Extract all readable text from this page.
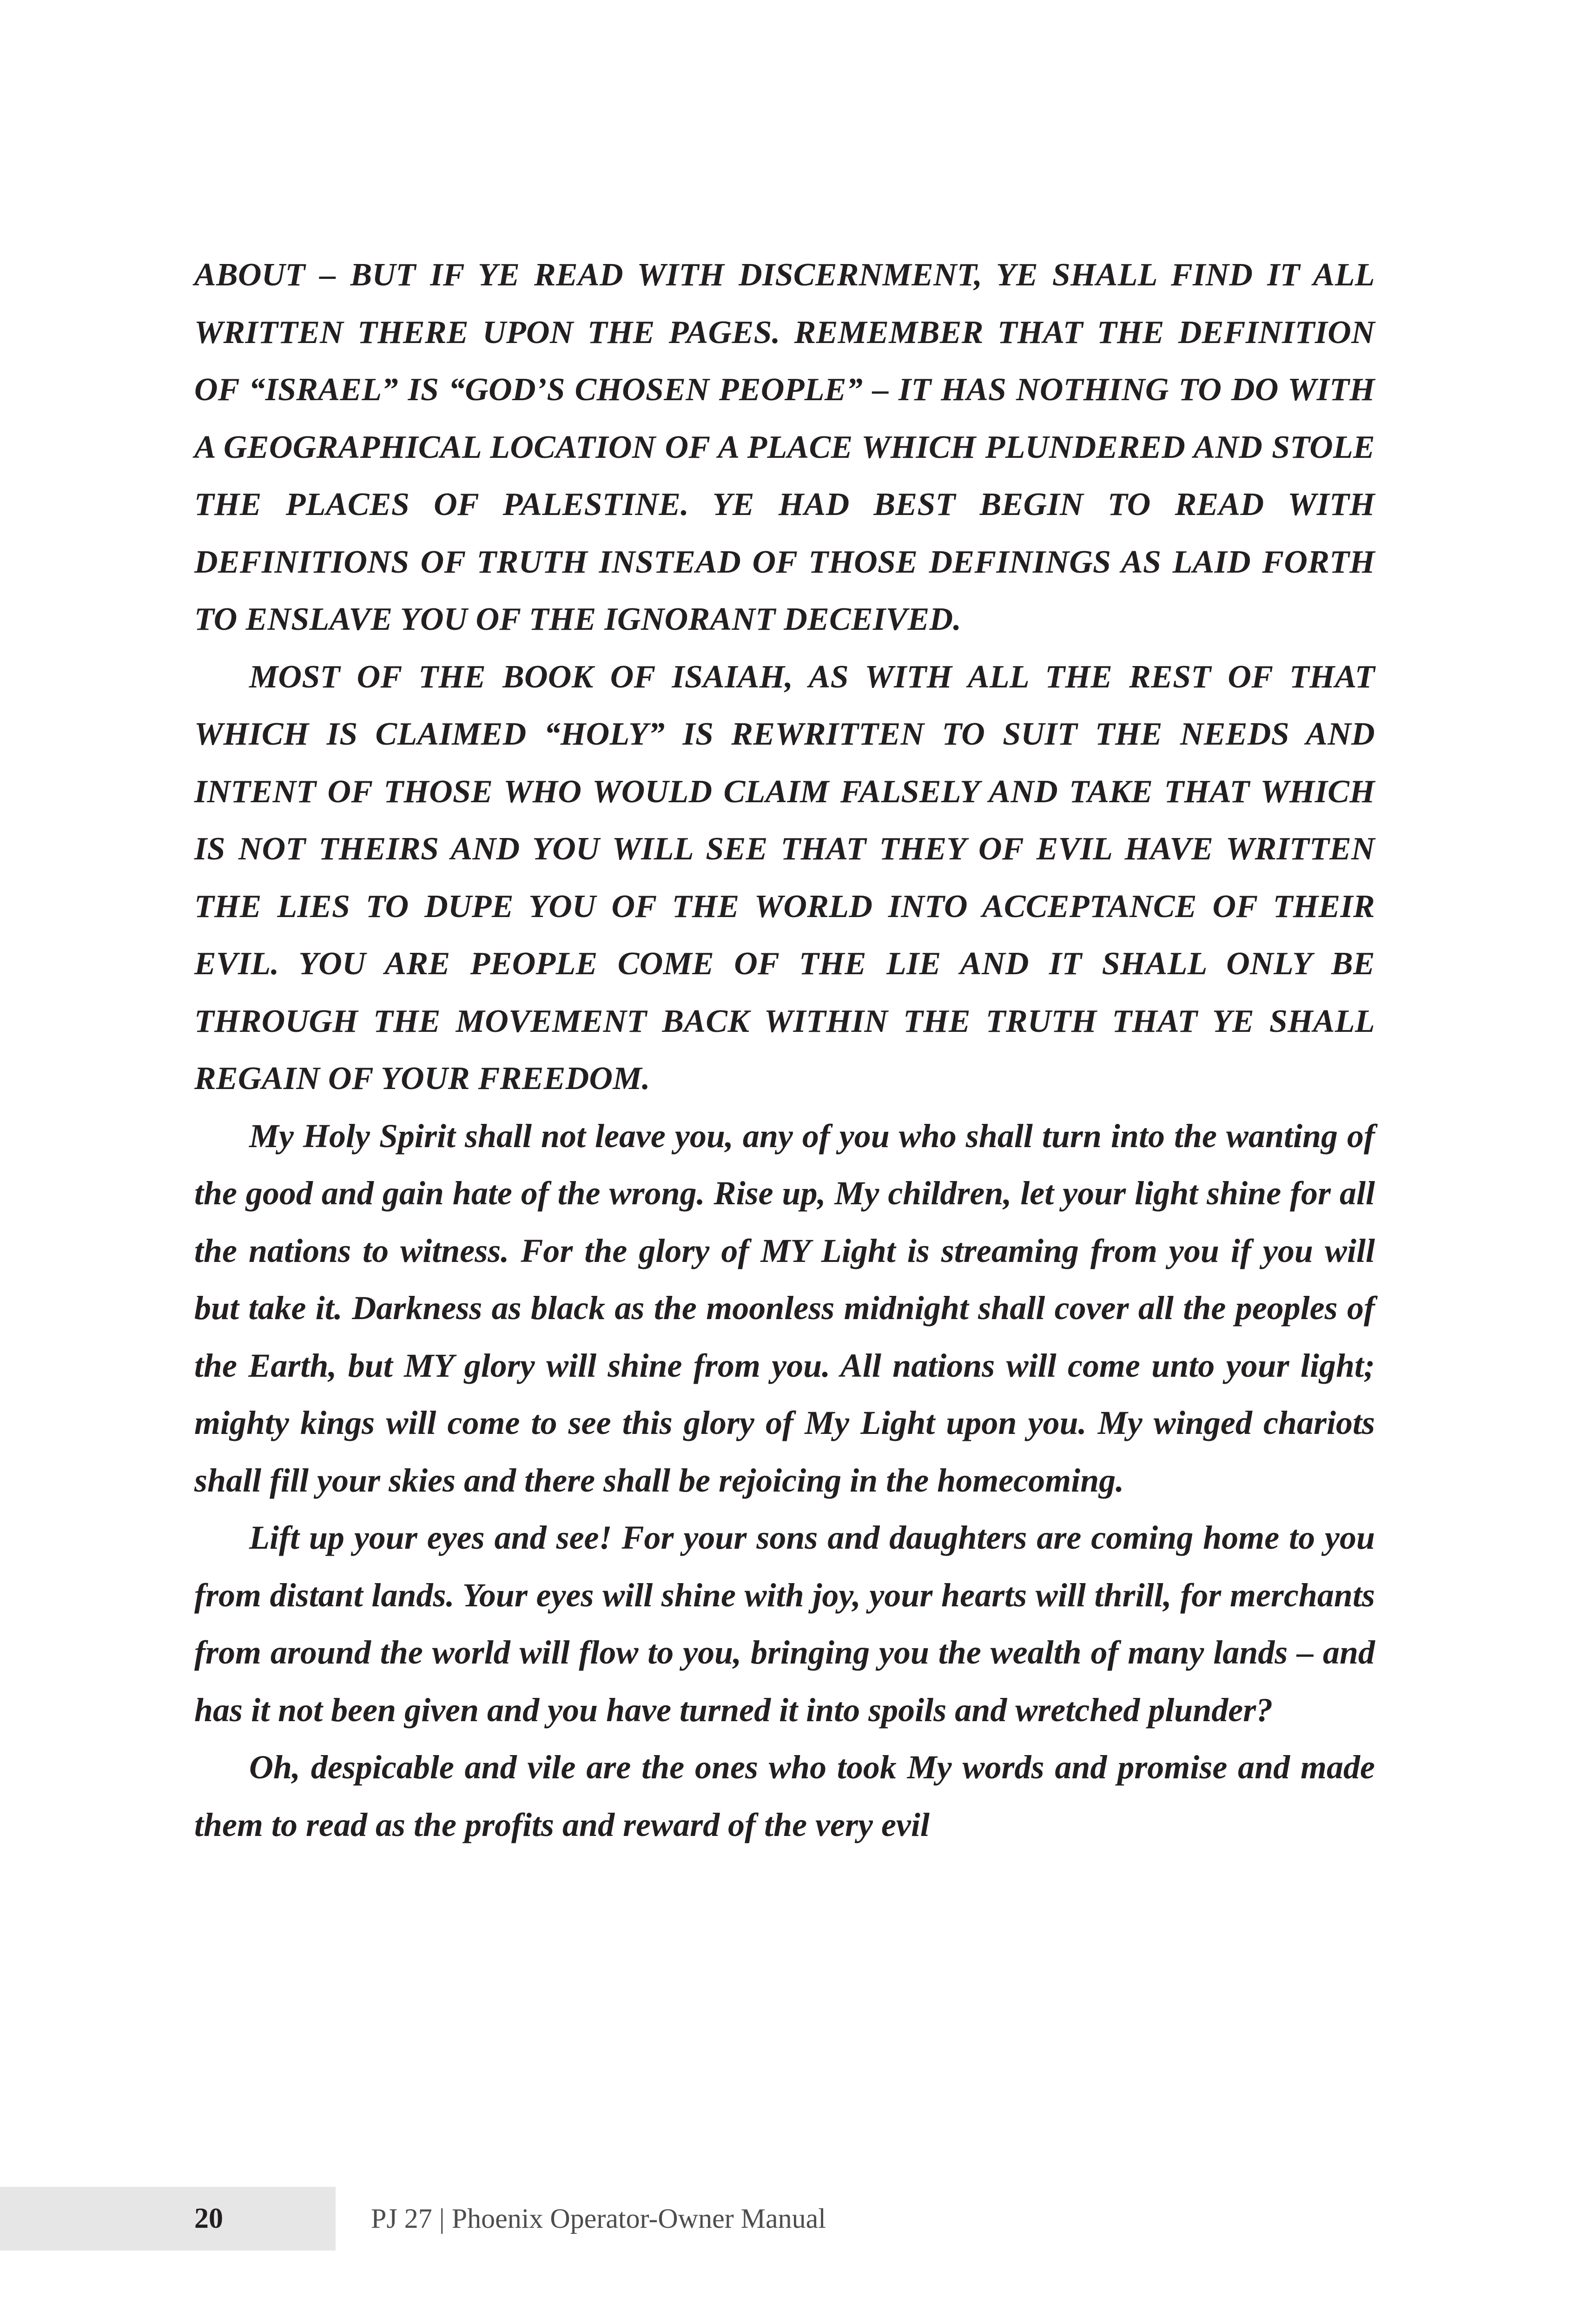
ABOUT – BUT IF YE READ WITH DISCERNMENT, YE SHALL FIND IT ALL WRITTEN THERE UPON THE PAGES. REMEMBER THAT THE DEFINITION OF “ISRAEL” IS “GOD’S CHOSEN PEOPLE” – IT HAS NOTHING TO DO WITH A GEOGRAPHICAL LOCATION OF A PLACE WHICH PLUNDERED AND STOLE THE PLACES OF PALESTINE. YE HAD BEST BEGIN TO READ WITH DEFINITIONS OF TRUTH INSTEAD OF THOSE DEFININGS AS LAID FORTH TO ENSLAVE YOU OF THE IGNORANT DECEIVED.

MOST OF THE BOOK OF ISAIAH, AS WITH ALL THE REST OF THAT WHICH IS CLAIMED “HOLY” IS REWRITTEN TO SUIT THE NEEDS AND INTENT OF THOSE WHO WOULD CLAIM FALSELY AND TAKE THAT WHICH IS NOT THEIRS AND YOU WILL SEE THAT THEY OF EVIL HAVE WRITTEN THE LIES TO DUPE YOU OF THE WORLD INTO ACCEPTANCE OF THEIR EVIL. YOU ARE PEOPLE COME OF THE LIE AND IT SHALL ONLY BE THROUGH THE MOVEMENT BACK WITHIN THE TRUTH THAT YE SHALL REGAIN OF YOUR FREEDOM.

My Holy Spirit shall not leave you, any of you who shall turn into the wanting of the good and gain hate of the wrong. Rise up, My children, let your light shine for all the nations to witness. For the glory of MY Light is streaming from you if you will but take it. Darkness as black as the moonless midnight shall cover all the peoples of the Earth, but MY glory will shine from you. All nations will come unto your light; mighty kings will come to see this glory of My Light upon you. My winged chariots shall fill your skies and there shall be rejoicing in the homecoming.

Lift up your eyes and see! For your sons and daughters are coming home to you from distant lands. Your eyes will shine with joy, your hearts will thrill, for merchants from around the world will flow to you, bringing you the wealth of many lands – and has it not been given and you have turned it into spoils and wretched plunder?

Oh, despicable and vile are the ones who took My words and promise and made them to read as the profits and reward of the very evil

20	PJ 27 | Phoenix Operator-Owner Manual
